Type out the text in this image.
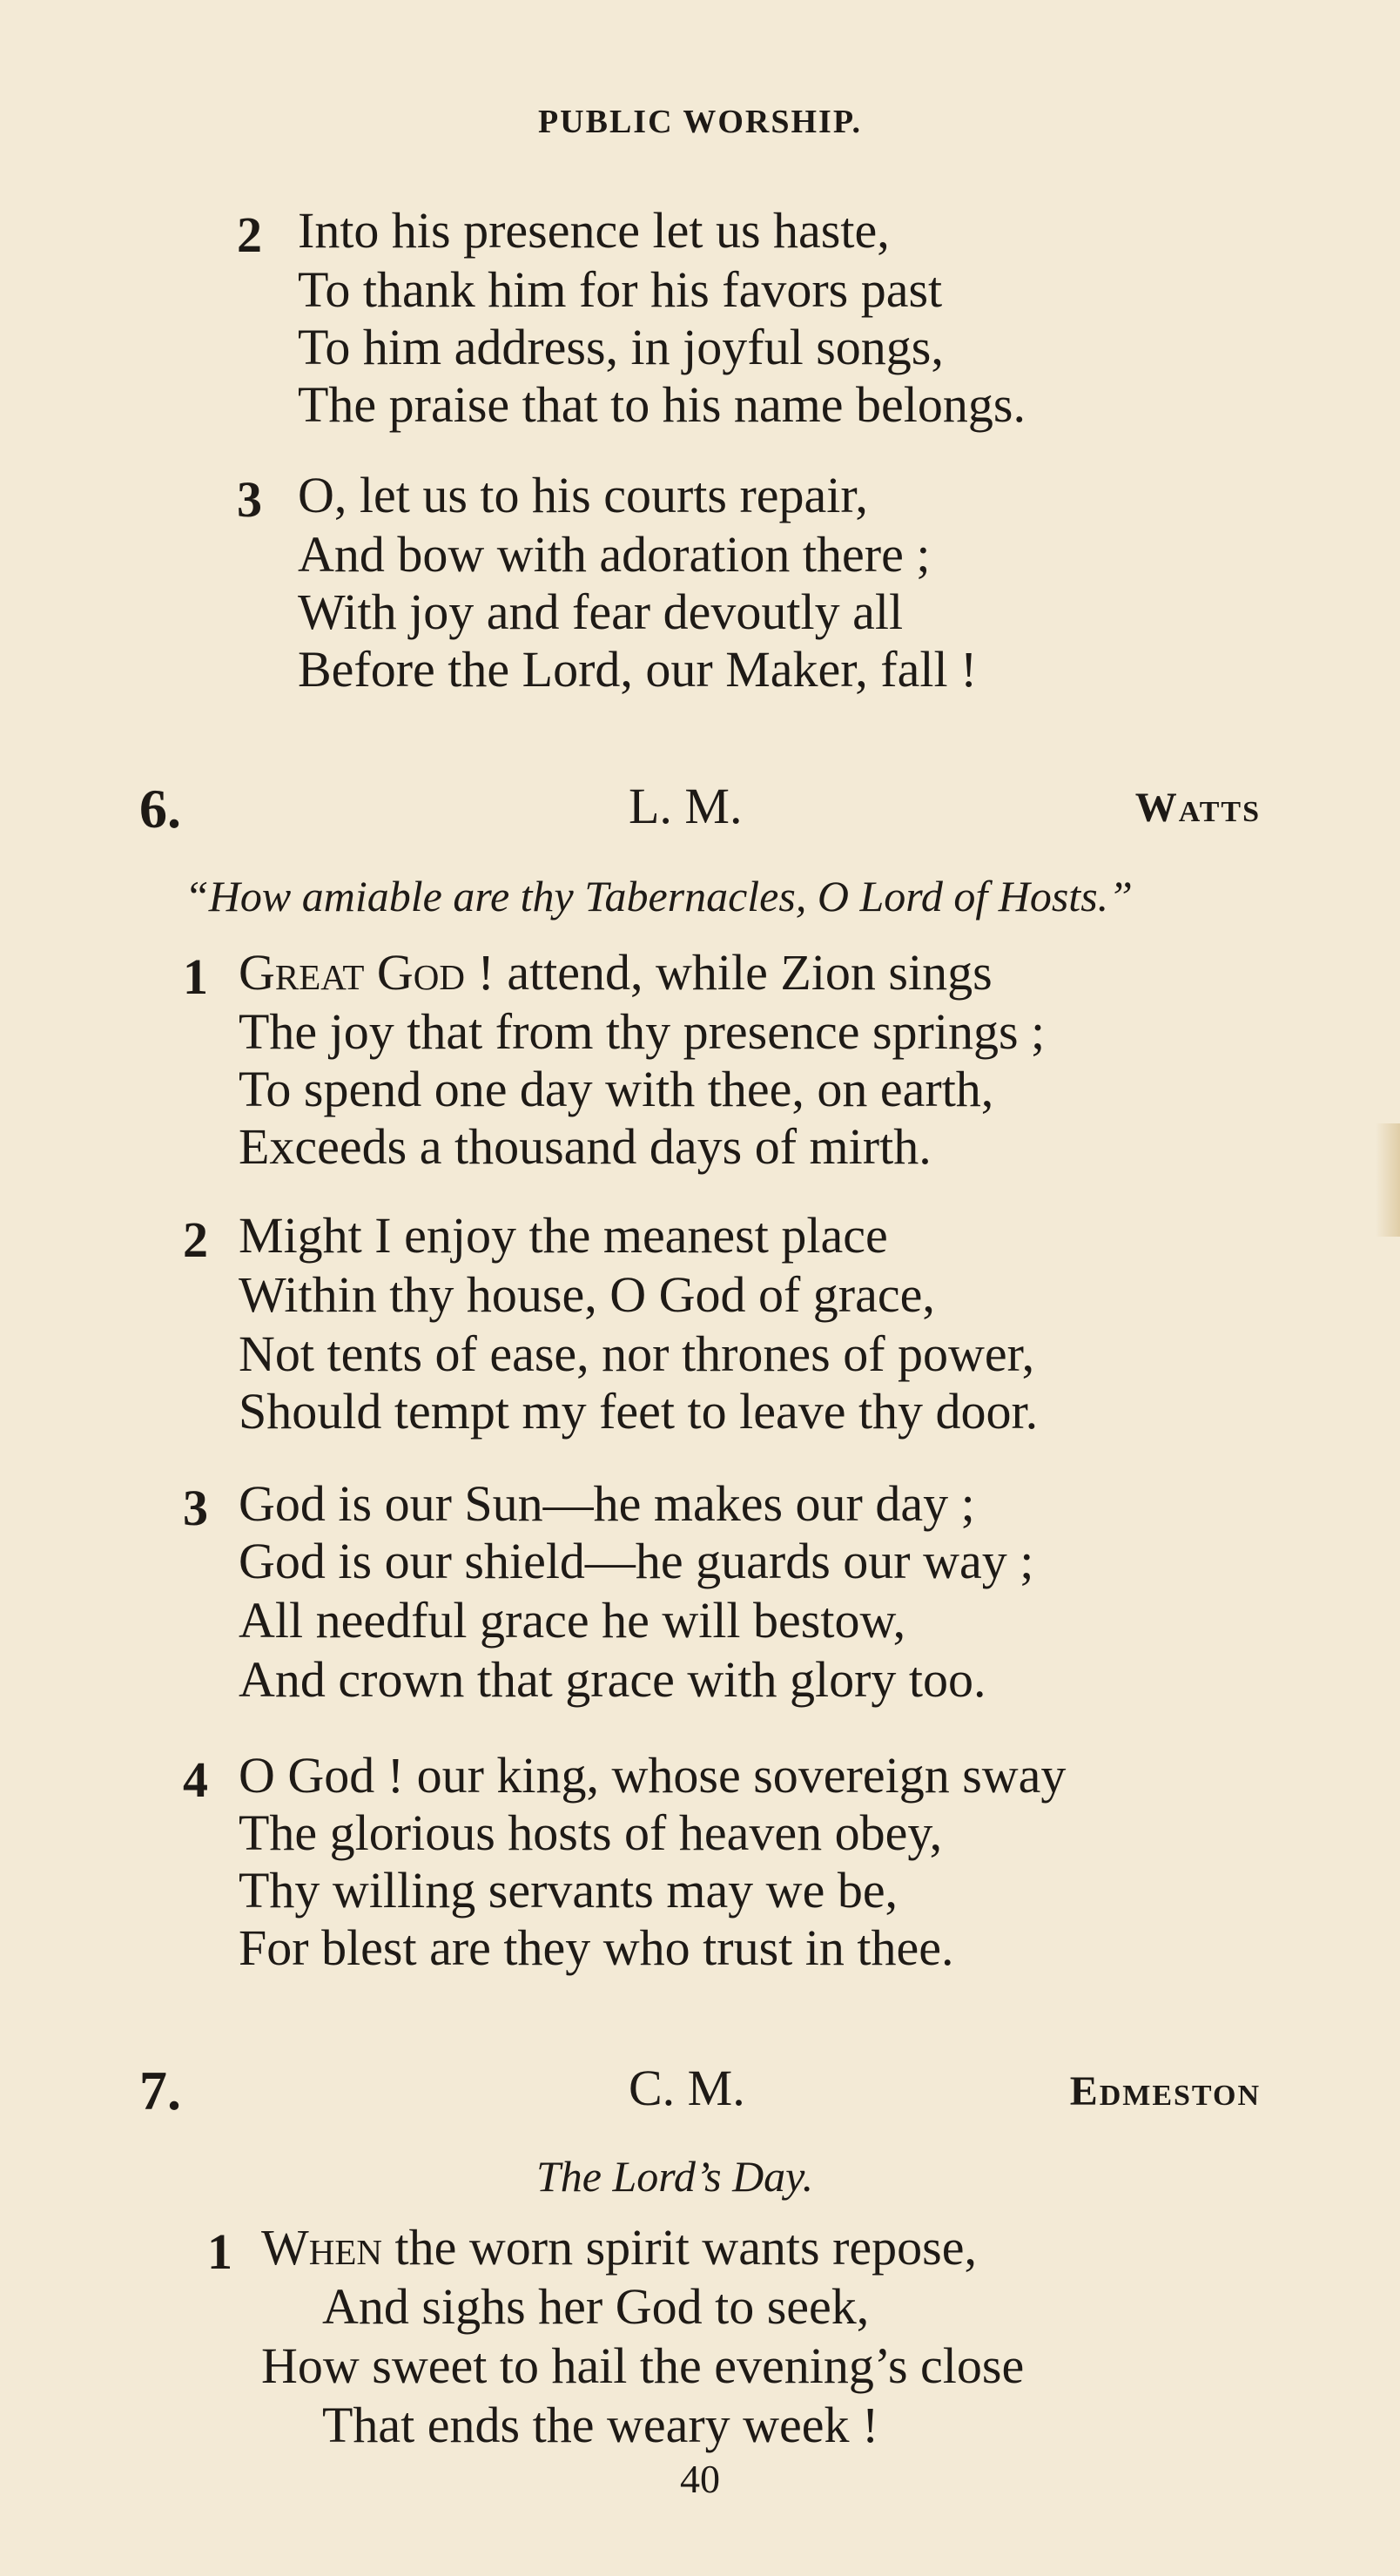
PUBLIC WORSHIP.
2 Into his presence let us haste,
To thank him for his favors past
To him address, in joyful songs,
The praise that to his name belongs.
3 O, let us to his courts repair,
And bow with adoration there ;
With joy and fear devoutly all
Before the Lord, our Maker, fall !
6.	L. M.	Watts
“How amiable are thy Tabernacles, O Lord of Hosts.”
1 Great God ! attend, while Zion sings
The joy that from thy presence springs ;
To spend one day with thee, on earth,
Exceeds a thousand days of mirth.
2 Might I enjoy the meanest place
Within thy house, O God of grace,
Not tents of ease, nor thrones of power,
Should tempt my feet to leave thy door.
3 God is our Sun—he makes our day ;
God is our shield—he guards our way ;
All needful grace he will bestow,
And crown that grace with glory too.
4 O God ! our king, whose sovereign sway
The glorious hosts of heaven obey,
Thy willing servants may we be,
For blest are they who trust in thee.
7.	C. M.	Edmeston
The Lord’s Day.
1 When the worn spirit wants repose,
And sighs her God to seek,
How sweet to hail the evening’s close
That ends the weary week !
40
